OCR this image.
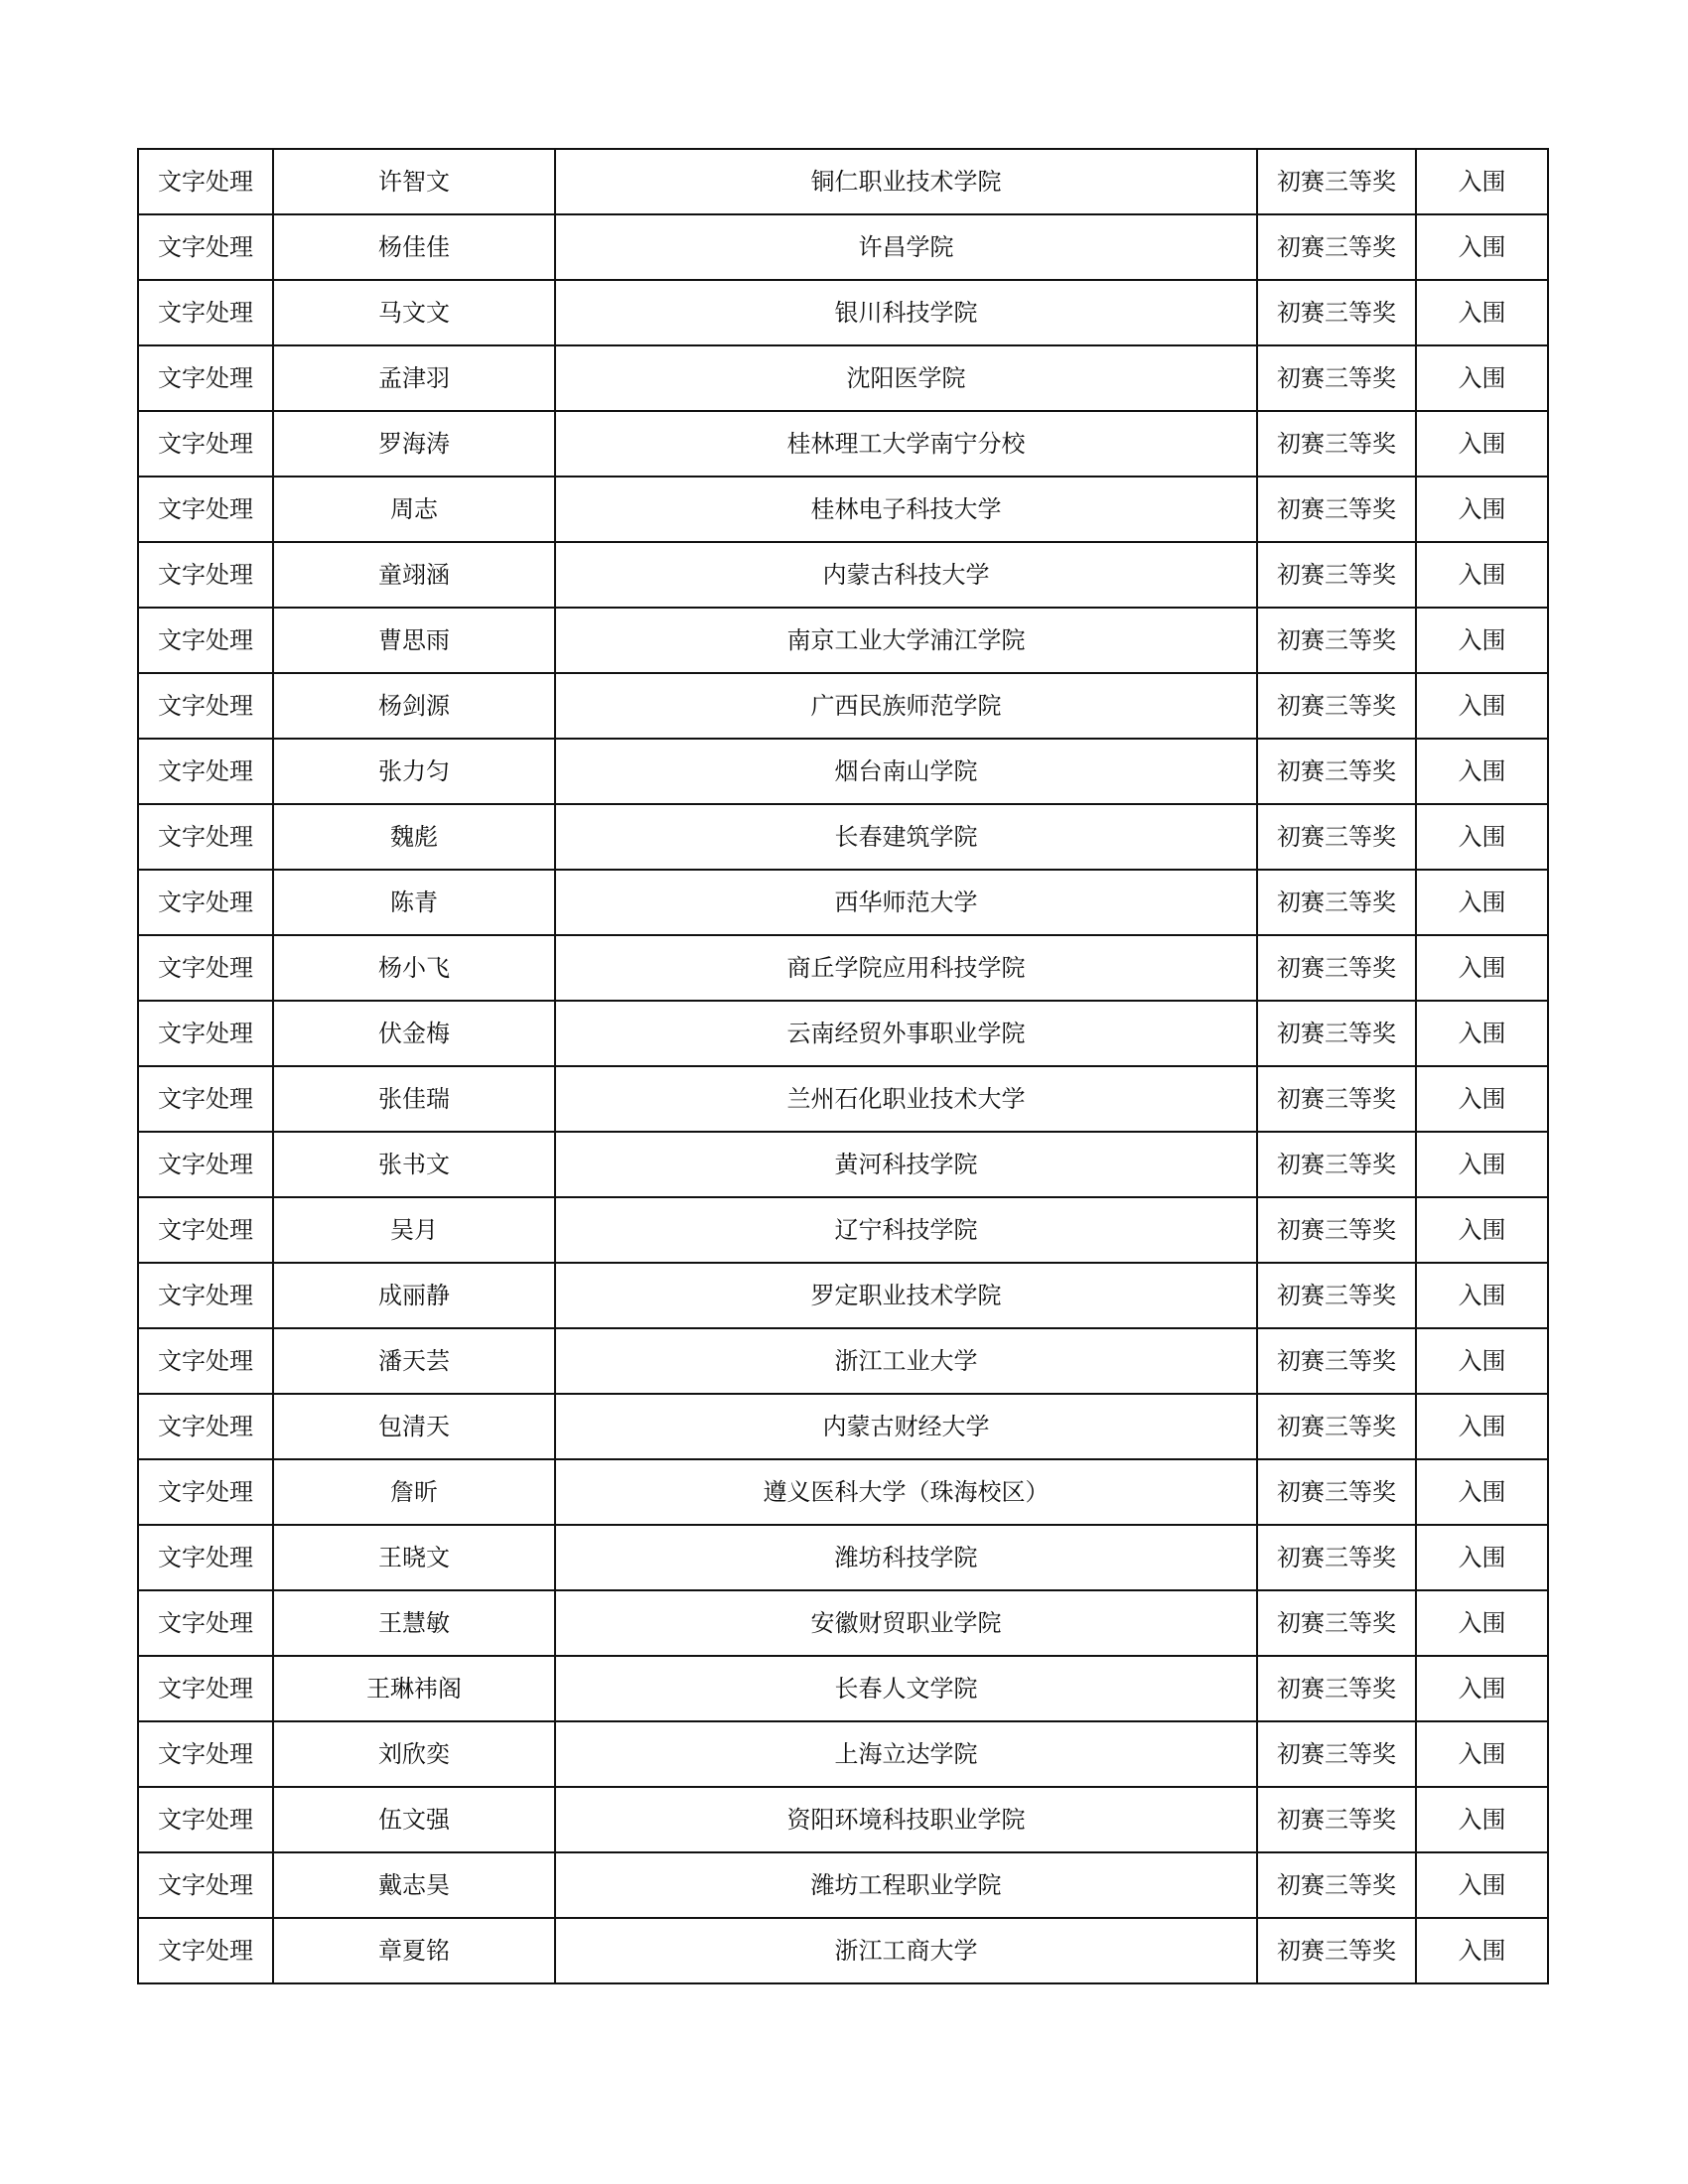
文字处理	许智文	铜仁职业技术学院	初赛三等奖	入围
文字处理	杨佳佳	许昌学院	初赛三等奖	入围
文字处理	马文文	银川科技学院	初赛三等奖	入围
文字处理	孟津羽	沈阳医学院	初赛三等奖	入围
文字处理	罗海涛	桂林理工大学南宁分校	初赛三等奖	入围
文字处理	周志	桂林电子科技大学	初赛三等奖	入围
文字处理	童翊涵	内蒙古科技大学	初赛三等奖	入围
文字处理	曹思雨	南京工业大学浦江学院	初赛三等奖	入围
文字处理	杨剑源	广西民族师范学院	初赛三等奖	入围
文字处理	张力匀	烟台南山学院	初赛三等奖	入围
文字处理	魏彪	长春建筑学院	初赛三等奖	入围
文字处理	陈青	西华师范大学	初赛三等奖	入围
文字处理	杨小飞	商丘学院应用科技学院	初赛三等奖	入围
文字处理	伏金梅	云南经贸外事职业学院	初赛三等奖	入围
文字处理	张佳瑞	兰州石化职业技术大学	初赛三等奖	入围
文字处理	张书文	黄河科技学院	初赛三等奖	入围
文字处理	吴月	辽宁科技学院	初赛三等奖	入围
文字处理	成丽静	罗定职业技术学院	初赛三等奖	入围
文字处理	潘天芸	浙江工业大学	初赛三等奖	入围
文字处理	包清天	内蒙古财经大学	初赛三等奖	入围
文字处理	詹昕	遵义医科大学（珠海校区）	初赛三等奖	入围
文字处理	王晓文	潍坊科技学院	初赛三等奖	入围
文字处理	王慧敏	安徽财贸职业学院	初赛三等奖	入围
文字处理	王琳祎阁	长春人文学院	初赛三等奖	入围
文字处理	刘欣奕	上海立达学院	初赛三等奖	入围
文字处理	伍文强	资阳环境科技职业学院	初赛三等奖	入围
文字处理	戴志昊	潍坊工程职业学院	初赛三等奖	入围
文字处理	章夏铭	浙江工商大学	初赛三等奖	入围
